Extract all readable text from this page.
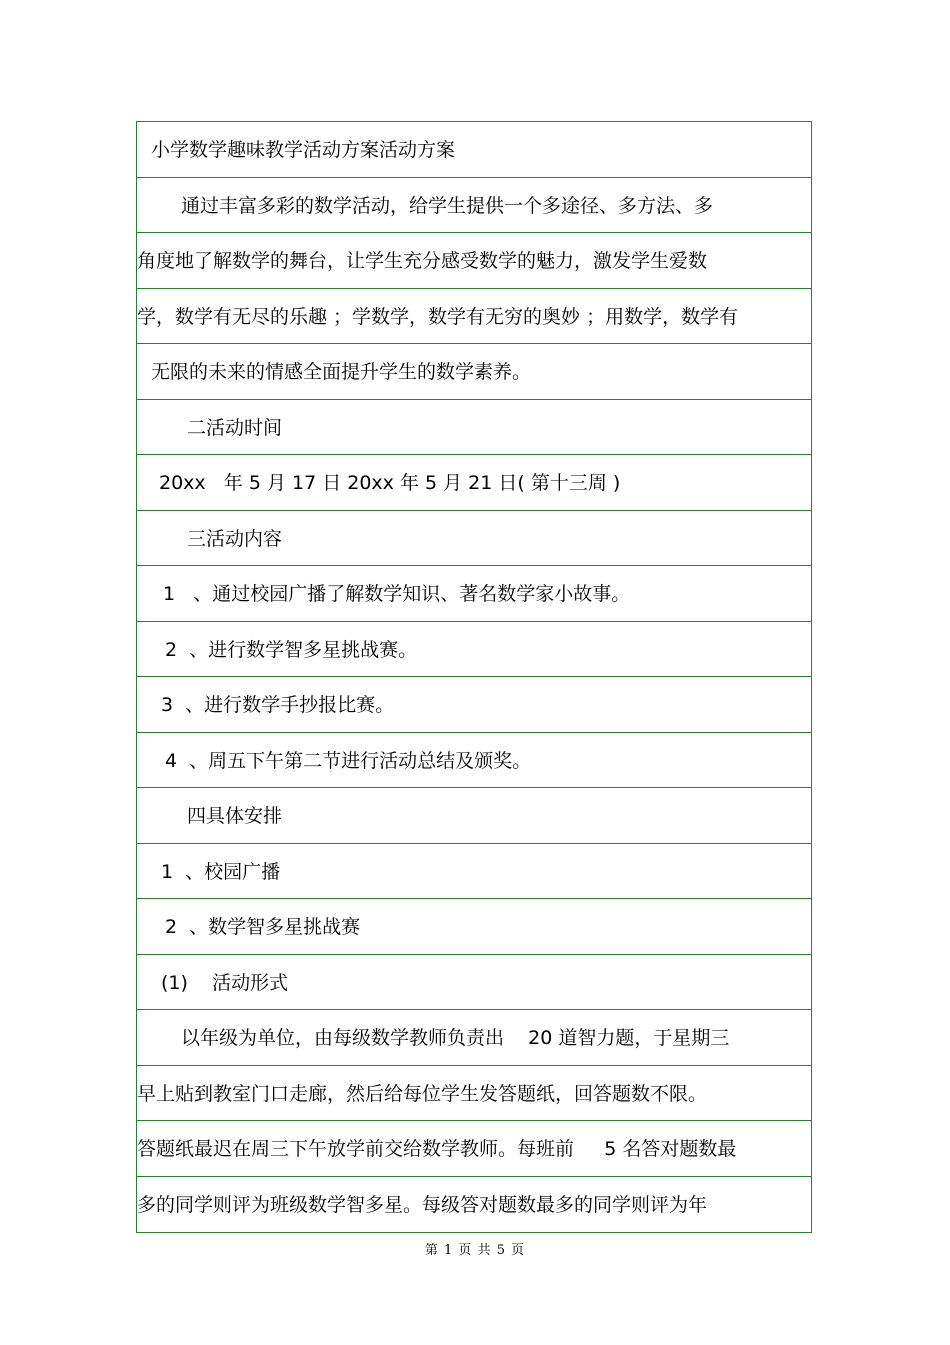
小学数学趣味教学活动方案活动方案
通过丰富多彩的数学活动，给学生提供一个多途径、多方法、多
角度地了解数学的舞台，让学生充分感受数学的魅力，激发学生爱数
学，数学有无尽的乐趣 ；学数学，数学有无穷的奥妙 ；用数学，数学有
无限的未来的情感全面提升学生的数学素养。
二活动时间
20xx   年 5 月 17 日 20xx 年 5 月 21 日( 第十三周 )
三活动内容
1   、通过校园广播了解数学知识、著名数学家小故事。
2  、进行数学智多星挑战赛。
3  、进行数学手抄报比赛。
4  、周五下午第二节进行活动总结及颁奖。
四具体安排
1  、校园广播
2  、数学智多星挑战赛
(1)    活动形式
以年级为单位，由每级数学教师负责出    20 道智力题，于星期三
早上贴到教室门口走廊，然后给每位学生发答题纸，回答题数不限。
答题纸最迟在周三下午放学前交给数学教师。每班前     5 名答对题数最
多的同学则评为班级数学智多星。每级答对题数最多的同学则评为年
第 1 页 共 5 页
